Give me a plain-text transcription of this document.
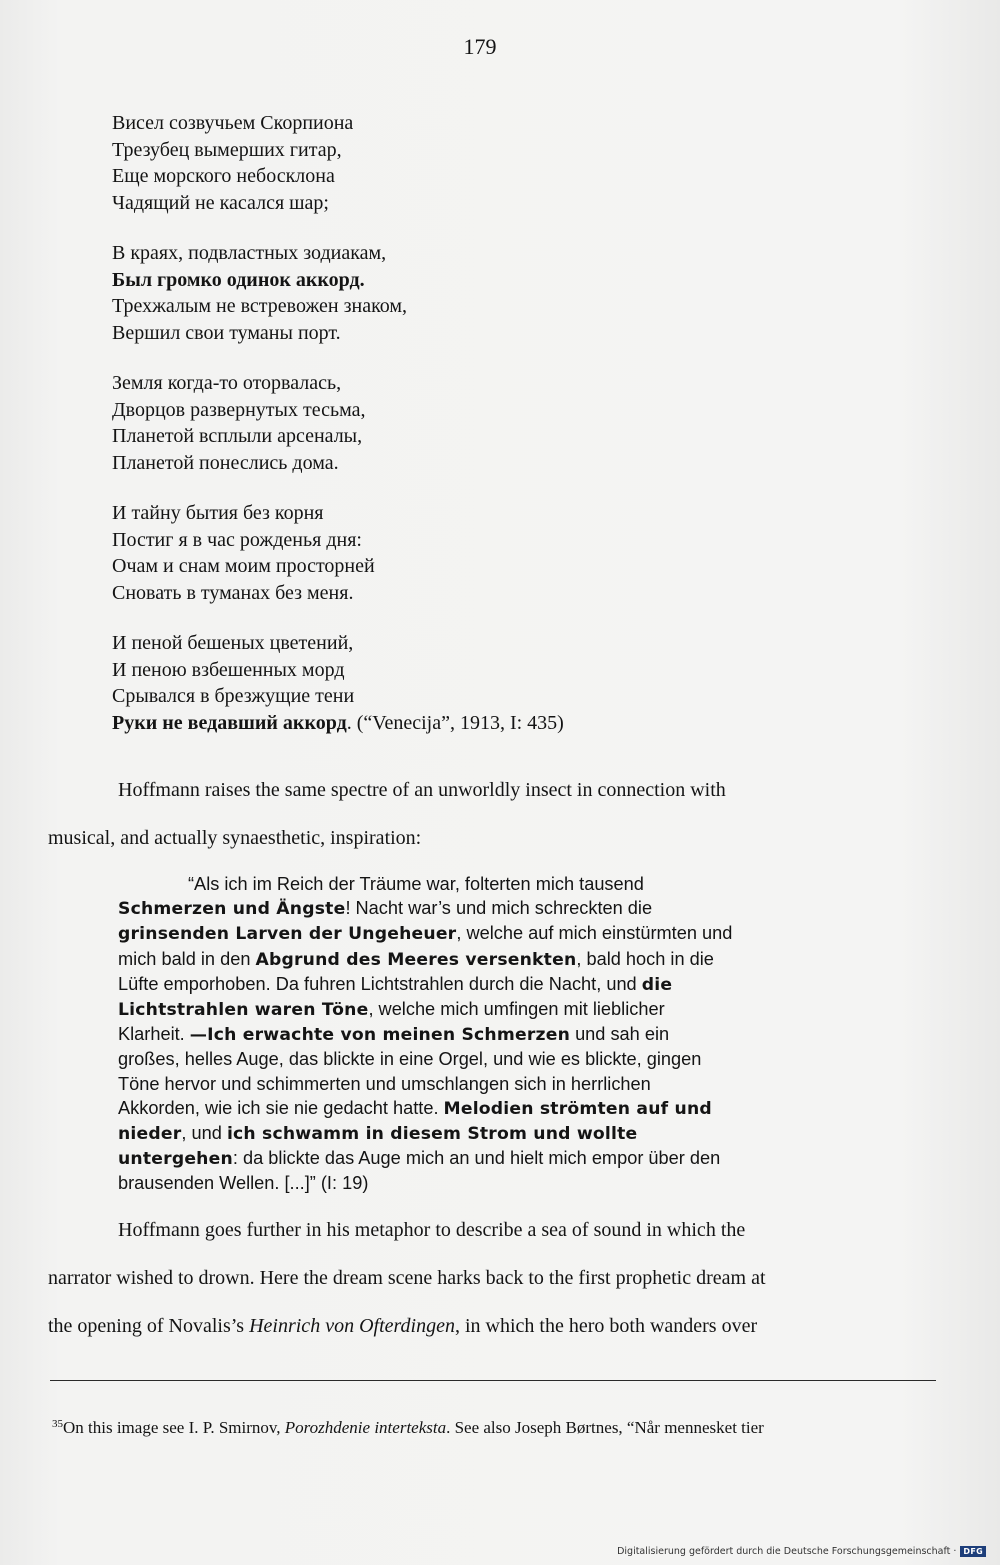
179
Висел созвучьем Скорпиона
Трезубец вымерших гитар,
Еще морского небосклона
Чадящий не касался шар;
В краях, подвластных зодиакам,
Был громко одинок аккорд.
Трехжалым не встревожен знаком,
Вершил свои туманы порт.
Земля когда-то оторвалась,
Дворцов развернутых тесьма,
Планетой всплыли арсеналы,
Планетой понеслись дома.
И тайну бытия без корня
Постиг я в час рожденья дня:
Очам и снам моим просторней
Сновать в туманах без меня.
И пеной бешеных цветений,
И пеною взбешенных морд
Срывался в брезжущие тени
Руки не ведавший аккорд. (“Venecija”, 1913, I: 435)
Hoffmann raises the same spectre of an unworldly insect in connection with
musical, and actually synaesthetic, inspiration:
“Als ich im Reich der Träume war, folterten mich tausend
Schmerzen und Ängste! Nacht war’s und mich schreckten die
grinsenden Larven der Ungeheuer, welche auf mich einstürmten und
mich bald in den Abgrund des Meeres versenkten, bald hoch in die
Lüfte emporhoben. Da fuhren Lichtstrahlen durch die Nacht, und die
Lichtstrahlen waren Töne, welche mich umfingen mit lieblicher
Klarheit. —Ich erwachte von meinen Schmerzen und sah ein
großes, helles Auge, das blickte in eine Orgel, und wie es blickte, gingen
Töne hervor und schimmerten und umschlangen sich in herrlichen
Akkorden, wie ich sie nie gedacht hatte. Melodien strömten auf und
nieder, und ich schwamm in diesem Strom und wollte
untergehen: da blickte das Auge mich an und hielt mich empor über den
brausenden Wellen. [...]” (I: 19)
Hoffmann goes further in his metaphor to describe a sea of sound in which the
narrator wished to drown. Here the dream scene harks back to the first prophetic dream at
the opening of Novalis’s Heinrich von Ofterdingen, in which the hero both wanders over
$^{35}$On this image see I. P. Smirnov, Porozhdenie interteksta. See also Joseph Børtnes, “Når mennesket tier
Digitalisierung gefördert durch die Deutsche Forschungsgemeinschaft · DFG
